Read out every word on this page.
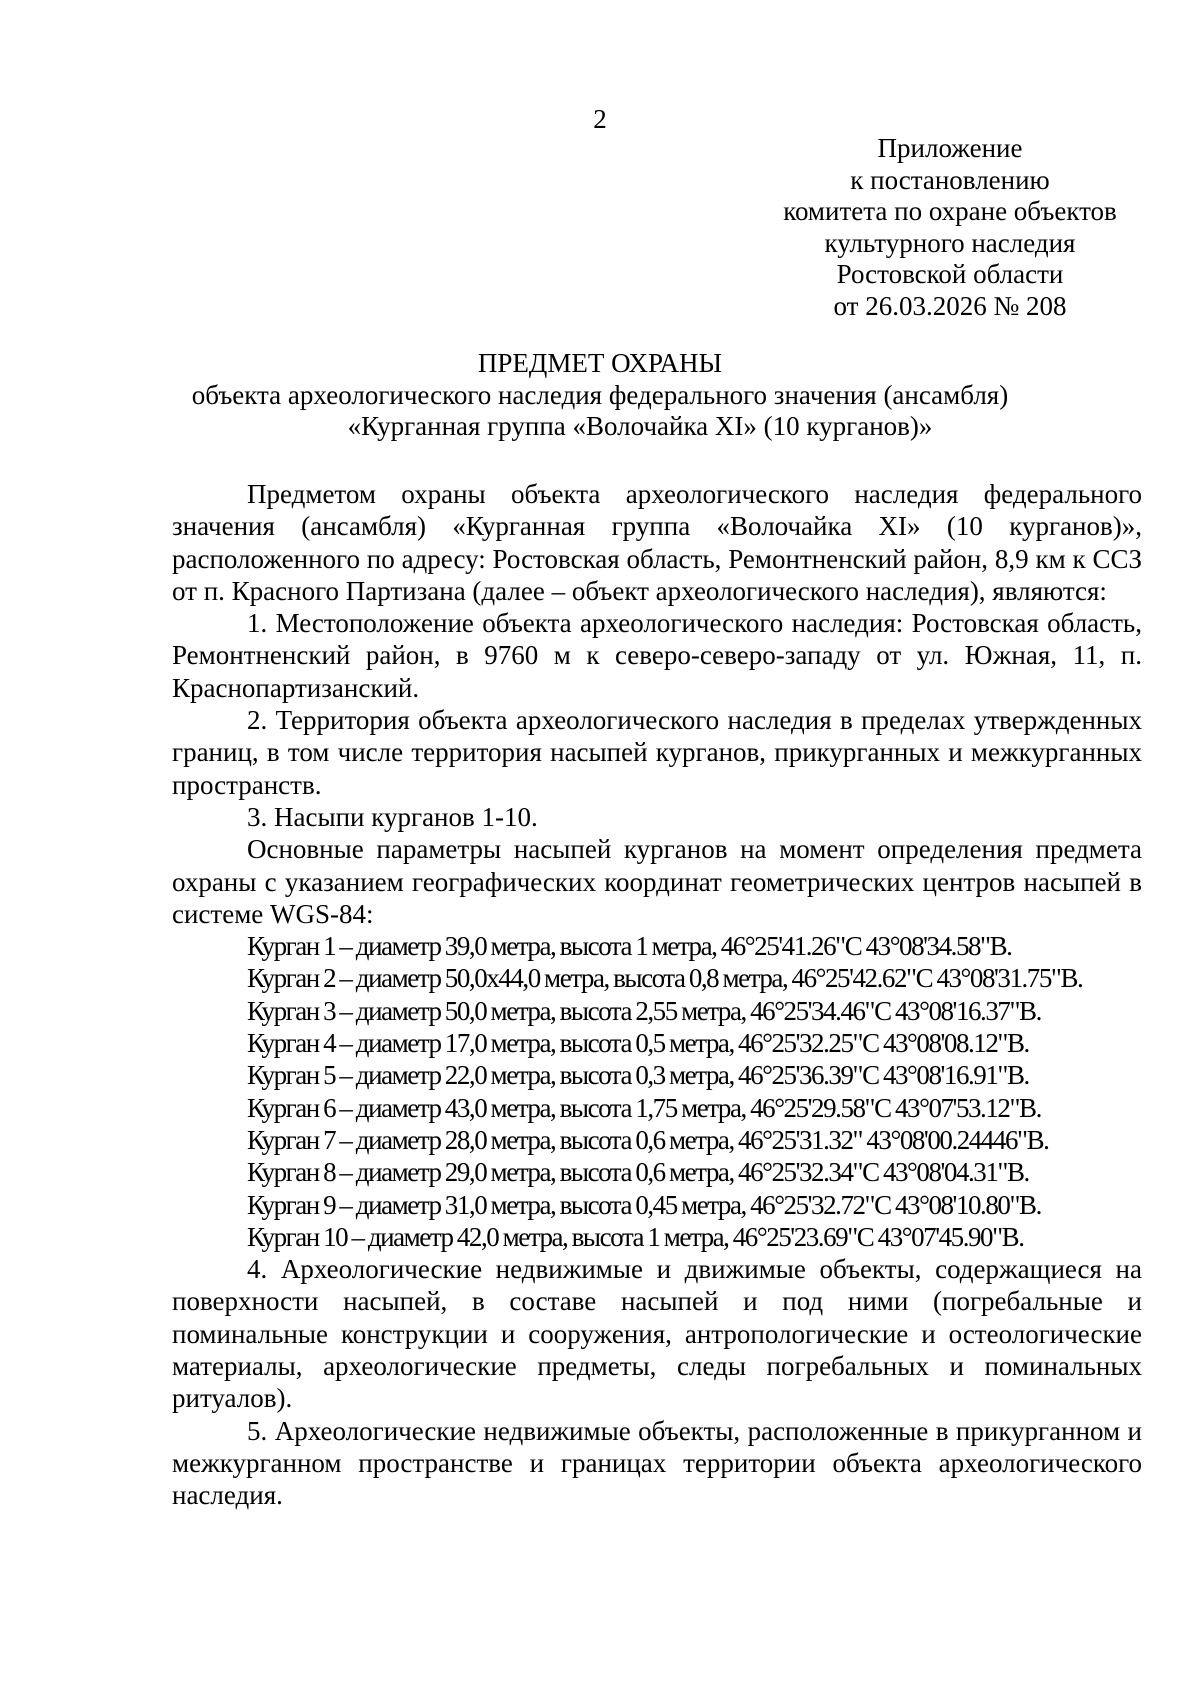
2
Приложение
к постановлению
комитета по охране объектов
культурного наследия
Ростовской области
от 26.03.2026 № 208
ПРЕДМЕТ ОХРАНЫ
объекта археологического наследия федерального значения (ансамбля)
«Курганная группа «Волочайка XI» (10 курганов)»

Предметом охраны объекта археологического наследия федерального значения (ансамбля) «Курганная группа «Волочайка XI» (10 курганов)», расположенного по адресу: Ростовская область, Ремонтненский район, 8,9 км к ССЗ от п. Красного Партизана (далее – объект археологического наследия), являются:

1. Местоположение объекта археологического наследия: Ростовская область, Ремонтненский район, в 9760 м к северо-северо-западу от ул. Южная, 11, п. Краснопартизанский.

2. Территория объекта археологического наследия в пределах утвержденных границ, в том числе территория насыпей курганов, прикурганных и межкурганных пространств.

3. Насыпи курганов 1-10.

Основные параметры насыпей курганов на момент определения предмета охраны с указанием географических координат геометрических центров насыпей в системе WGS-84:

Курган 1 – диаметр 39,0 метра, высота 1 метра, 46°25'41.26"С 43°08'34.58"В.
Курган 2 – диаметр 50,0х44,0 метра, высота 0,8 метра, 46°25'42.62"С 43°08'31.75"В.
Курган 3 – диаметр 50,0 метра, высота 2,55 метра, 46°25'34.46"С 43°08'16.37"В.
Курган 4 – диаметр 17,0 метра, высота 0,5 метра, 46°25'32.25"С 43°08'08.12"В.
Курган 5 – диаметр 22,0 метра, высота 0,3 метра, 46°25'36.39"С 43°08'16.91"В.
Курган 6 – диаметр 43,0 метра, высота 1,75 метра, 46°25'29.58"С 43°07'53.12"В.
Курган 7 – диаметр 28,0 метра, высота 0,6 метра, 46°25'31.32" 43°08'00.24446"В.
Курган 8 – диаметр 29,0 метра, высота 0,6 метра, 46°25'32.34"С 43°08'04.31"В.
Курган 9 – диаметр 31,0 метра, высота 0,45 метра, 46°25'32.72"С 43°08'10.80"В.
Курган 10 – диаметр 42,0 метра, высота 1 метра, 46°25'23.69"С 43°07'45.90"В.

4. Археологические недвижимые и движимые объекты, содержащиеся на поверхности насыпей, в составе насыпей и под ними (погребальные и поминальные конструкции и сооружения, антропологические и остеологические материалы, археологические предметы, следы погребальных и поминальных ритуалов).

5. Археологические недвижимые объекты, расположенные в прикурганном и межкурганном пространстве и границах территории объекта археологического наследия.
